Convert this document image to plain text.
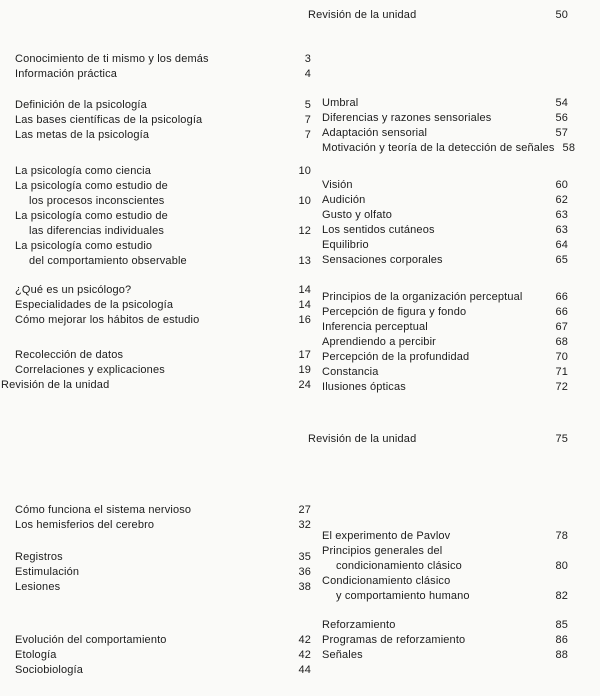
Conocimiento de ti mismo y los demás	3
Información práctica	4
Definición de la psicología	5
Las bases científicas de la psicología	7
Las metas de la psicología	7
La psicología como ciencia	10
La psicología como estudio de
los procesos inconscientes	10
La psicología como estudio de
las diferencias individuales	12
La psicología como estudio
del comportamiento observable	13
¿Qué es un psicólogo?	14
Especialidades de la psicología	14
Cómo mejorar los hábitos de estudio	16
Recolección de datos	17
Correlaciones y explicaciones	19
Revisión de la unidad	24
Cómo funciona el sistema nervioso	27
Los hemisferios del cerebro	32
Registros	35
Estimulación	36
Lesiones	38
Evolución del comportamiento	42
Etología	42
Sociobiología	44
Revisión de la unidad	50
Umbral	54
Diferencias y razones sensoriales	56
Adaptación sensorial	57
Motivación y teoría de la detección de señales 58
Visión	60
Audición	62
Gusto y olfato	63
Los sentidos cutáneos	63
Equilibrio	64
Sensaciones corporales	65
Principios de la organización perceptual	66
Percepción de figura y fondo	66
Inferencia perceptual	67
Aprendiendo a percibir	68
Percepción de la profundidad	70
Constancia	71
Ilusiones ópticas	72
Revisión de la unidad	75
El experimento de Pavlov	78
Principios generales del
condicionamiento clásico	80
Condicionamiento clásico
y comportamiento humano	82
Reforzamiento	85
Programas de reforzamiento	86
Señales	88
